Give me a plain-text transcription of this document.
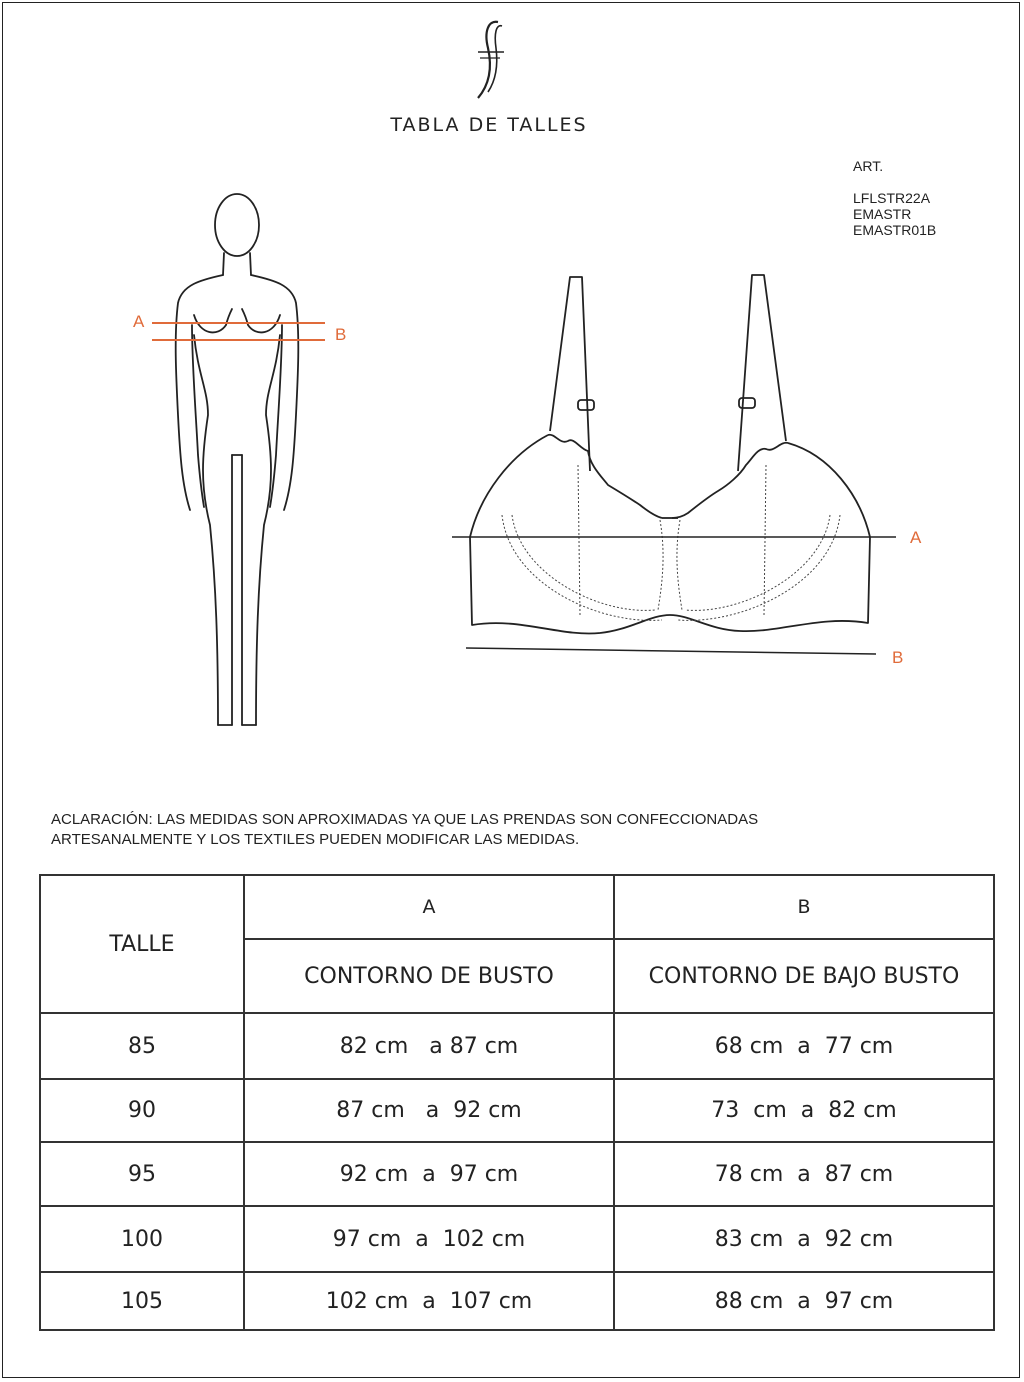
TABLA DE TALLES
ART.
LFLSTR22A
EMASTR
EMASTR01B
A
B
A
B
ACLARACIÓN: LAS MEDIDAS SON APROXIMADAS YA QUE LAS PRENDAS SON CONFECCIONADAS
ARTESANALMENTE Y LOS TEXTILES PUEDEN MODIFICAR LAS MEDIDAS.
TALLE	A	B
	CONTORNO DE BUSTO	CONTORNO DE BAJO BUSTO
85	82 cm   a 87 cm	68 cm  a  77 cm
90	87 cm   a  92 cm	73  cm  a  82 cm
95	92 cm  a  97 cm	78 cm  a  87 cm
100	97 cm  a  102 cm	83 cm  a  92 cm
105	102 cm  a  107 cm	88 cm  a  97 cm
